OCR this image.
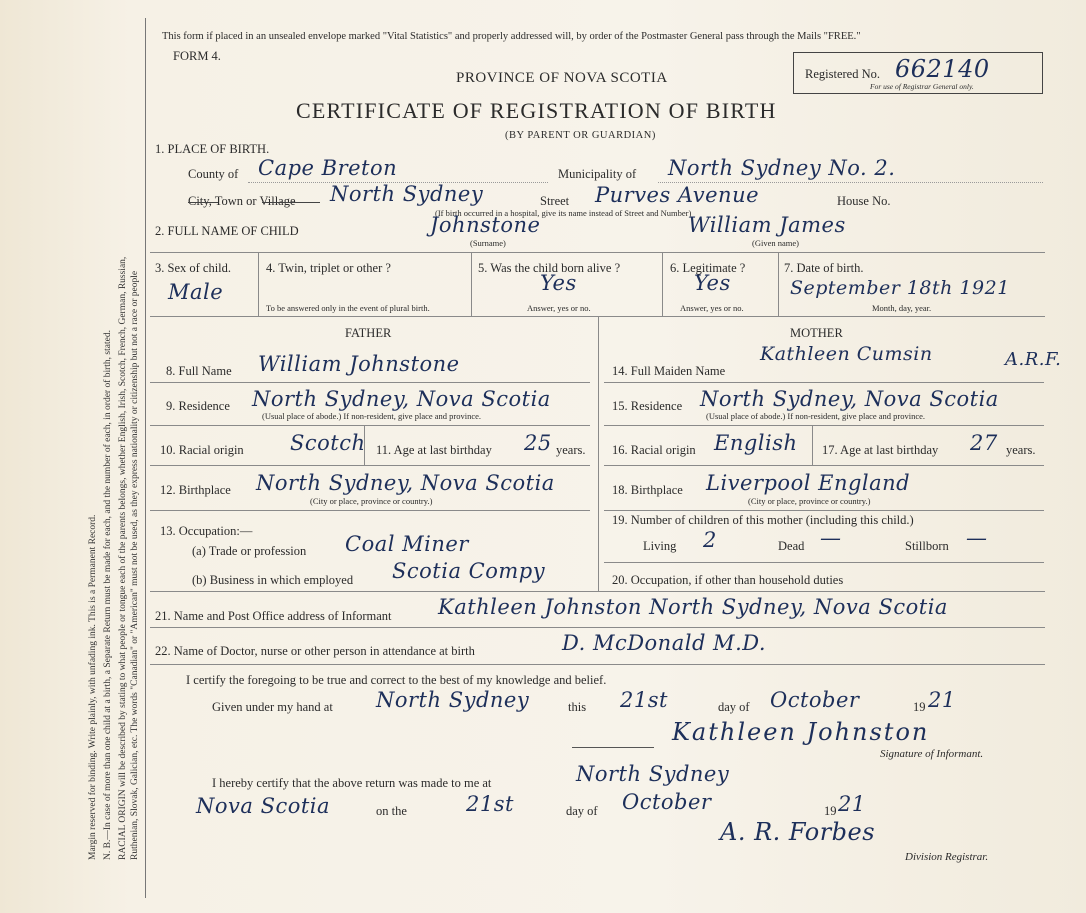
Margin reserved for binding. Write plainly, with unfading ink. This is a Permanent Record. N. B.—In case of more than one child at a birth, a Separate Return must be made for each, and the number of each, in order of birth, stated. RACIAL ORIGIN will be described by stating to what people or tongue each of the parents belongs, whether English, Irish, Scotch, French, German, Russian, Ruthenian, Slovak, Galician, etc. The words "Canadian" or "American" must not be used, as they express nationality or citizenship but not a race or people
This form if placed in an unsealed envelope marked "Vital Statistics" and properly addressed will, by order of the Postmaster General pass through the Mails "FREE."
FORM 4.
PROVINCE OF NOVA SCOTIA
CERTIFICATE OF REGISTRATION OF BIRTH
(BY PARENT OR GUARDIAN)
Registered No. 662140
For use of Registrar General only.
1. PLACE OF BIRTH.
County of Cape Breton	Municipality of North Sydney No. 2.
City, Town or Village North Sydney	Street Purves Avenue	House No.
(If birth occurred in a hospital, give its name instead of Street and Number)
2. FULL NAME OF CHILD	Johnstone
(Surname)
William James
(Given name)
3. Sex of child.
Male
4. Twin, triplet or other ?
To be answered only in the event of plural birth.
5. Was the child born alive ?
Yes
Answer, yes or no.
6. Legitimate ?
Yes
Answer, yes or no.
7. Date of birth.
September 18th 1921
Month, day, year.
FATHER	MOTHER
8. Full Name William Johnstone
9. Residence North Sydney, Nova Scotia
(Usual place of abode.) If non-resident, give place and province.
10. Racial origin Scotch 11. Age at last birthday 25 years.
12. Birthplace North Sydney, Nova Scotia
(City or place, province or country.)
13. Occupation:—
(a) Trade or profession Coal Miner
(b) Business in which employed Scotia Compy
14. Full Maiden Name
Kathleen Cumsin	A.R.F.
15. Residence North Sydney, Nova Scotia
(Usual place of abode.) If non-resident, give place and province.
16. Racial origin English 17. Age at last birthday 27 years.
18. Birthplace Liverpool England
(City or place, province or country.)
19. Number of children of this mother (including this child.)
Living 2	Dead —	Stillborn —
20. Occupation, if other than household duties
21. Name and Post Office address of Informant Kathleen Johnston North Sydney, Nova Scotia
22. Name of Doctor, nurse or other person in attendance at birth	D. McDonald M.D.
I certify the foregoing to be true and correct to the best of my knowledge and belief.
Given under my hand at North Sydney	this 21st	day of October	19 21
Kathleen Johnston
Signature of Informant.
I hereby certify that the above return was made to me at	North Sydney
Nova Scotia	on the	21st	day of October	19 21
A. R. Forbes
Division Registrar.
